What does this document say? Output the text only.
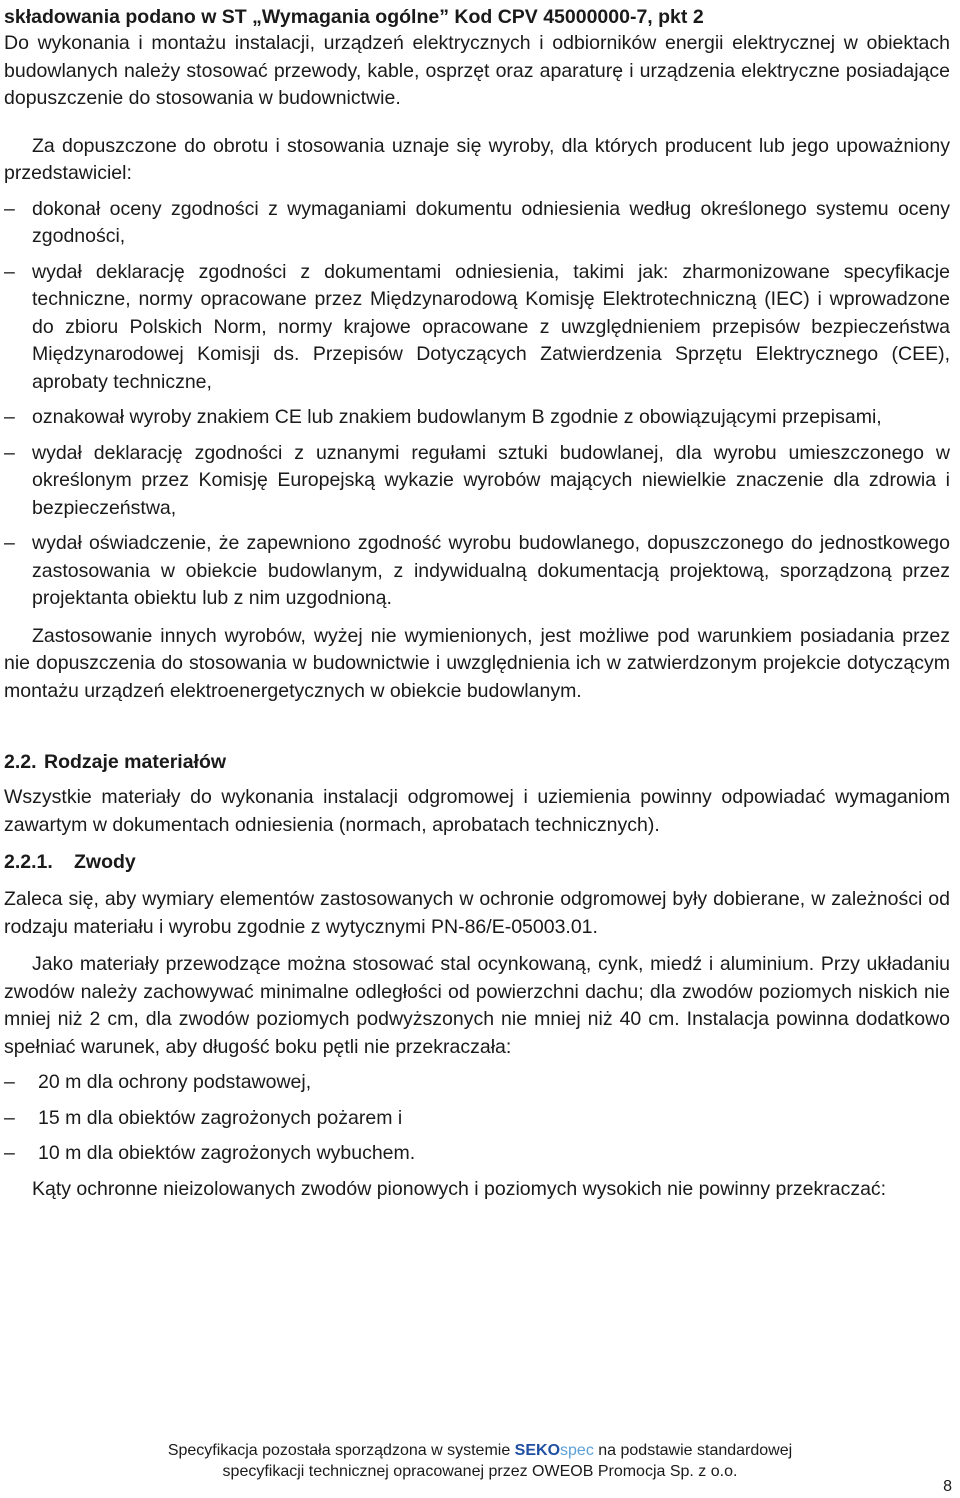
składowania podano w ST „Wymagania ogólne” Kod CPV 45000000-7, pkt 2

Do wykonania i montażu instalacji, urządzeń elektrycznych i odbiorników energii elektrycznej w obiektach budowlanych należy stosować przewody, kable, osprzęt oraz aparaturę i urządzenia elektryczne posiadające dopuszczenie do stosowania w budownictwie.

Za dopuszczone do obrotu i stosowania uznaje się wyroby, dla których producent lub jego upoważniony przedstawiciel:

– dokonał oceny zgodności z wymaganiami dokumentu odniesienia według określonego systemu oceny zgodności,
– wydał deklarację zgodności z dokumentami odniesienia, takimi jak: zharmonizowane specyfikacje techniczne, normy opracowane przez Międzynarodową Komisję Elektrotechniczną (IEC) i wprowadzone do zbioru Polskich Norm, normy krajowe opracowane z uwzględnieniem przepisów bezpieczeństwa Międzynarodowej Komisji ds. Przepisów Dotyczących Zatwierdzenia Sprzętu Elektrycznego (CEE), aprobaty techniczne,
– oznakował wyroby znakiem CE lub znakiem budowlanym B zgodnie z obowiązującymi przepisami,
– wydał deklarację zgodności z uznanymi regułami sztuki budowlanej, dla wyrobu umieszczonego w określonym przez Komisję Europejską wykazie wyrobów mających niewielkie znaczenie dla zdrowia i bezpieczeństwa,
– wydał oświadczenie, że zapewniono zgodność wyrobu budowlanego, dopuszczonego do jednostkowego zastosowania w obiekcie budowlanym, z indywidualną dokumentacją projektową, sporządzoną przez projektanta obiektu lub z nim uzgodnioną.

Zastosowanie innych wyrobów, wyżej nie wymienionych, jest możliwe pod warunkiem posiadania przez nie dopuszczenia do stosowania w budownictwie i uwzględnienia ich w zatwierdzonym projekcie dotyczącym montażu urządzeń elektroenergetycznych w obiekcie budowlanym.

2.2. Rodzaje materiałów

Wszystkie materiały do wykonania instalacji odgromowej i uziemienia powinny odpowiadać wymaganiom zawartym w dokumentach odniesienia (normach, aprobatach technicznych).

2.2.1. Zwody

Zaleca się, aby wymiary elementów zastosowanych w ochronie odgromowej były dobierane, w zależności od rodzaju materiału i wyrobu zgodnie z wytycznymi PN-86/E-05003.01.

Jako materiały przewodzące można stosować stal ocynkowaną, cynk, miedź i aluminium. Przy układaniu zwodów należy zachowywać minimalne odległości od powierzchni dachu; dla zwodów poziomych niskich nie mniej niż 2 cm, dla zwodów poziomych podwyższonych nie mniej niż 40 cm. Instalacja powinna dodatkowo spełniać warunek, aby długość boku pętli nie przekraczała:

– 20 m dla ochrony podstawowej,
– 15 m dla obiektów zagrożonych pożarem i
– 10 m dla obiektów zagrożonych wybuchem.

Kąty ochronne nieizolowanych zwodów pionowych i poziomych wysokich nie powinny przekraczać:

Specyfikacja pozostała sporządzona w systemie SEKOspec na podstawie standardowej
specyfikacji technicznej opracowanej przez OWEOB Promocja Sp. z o.o.
8
